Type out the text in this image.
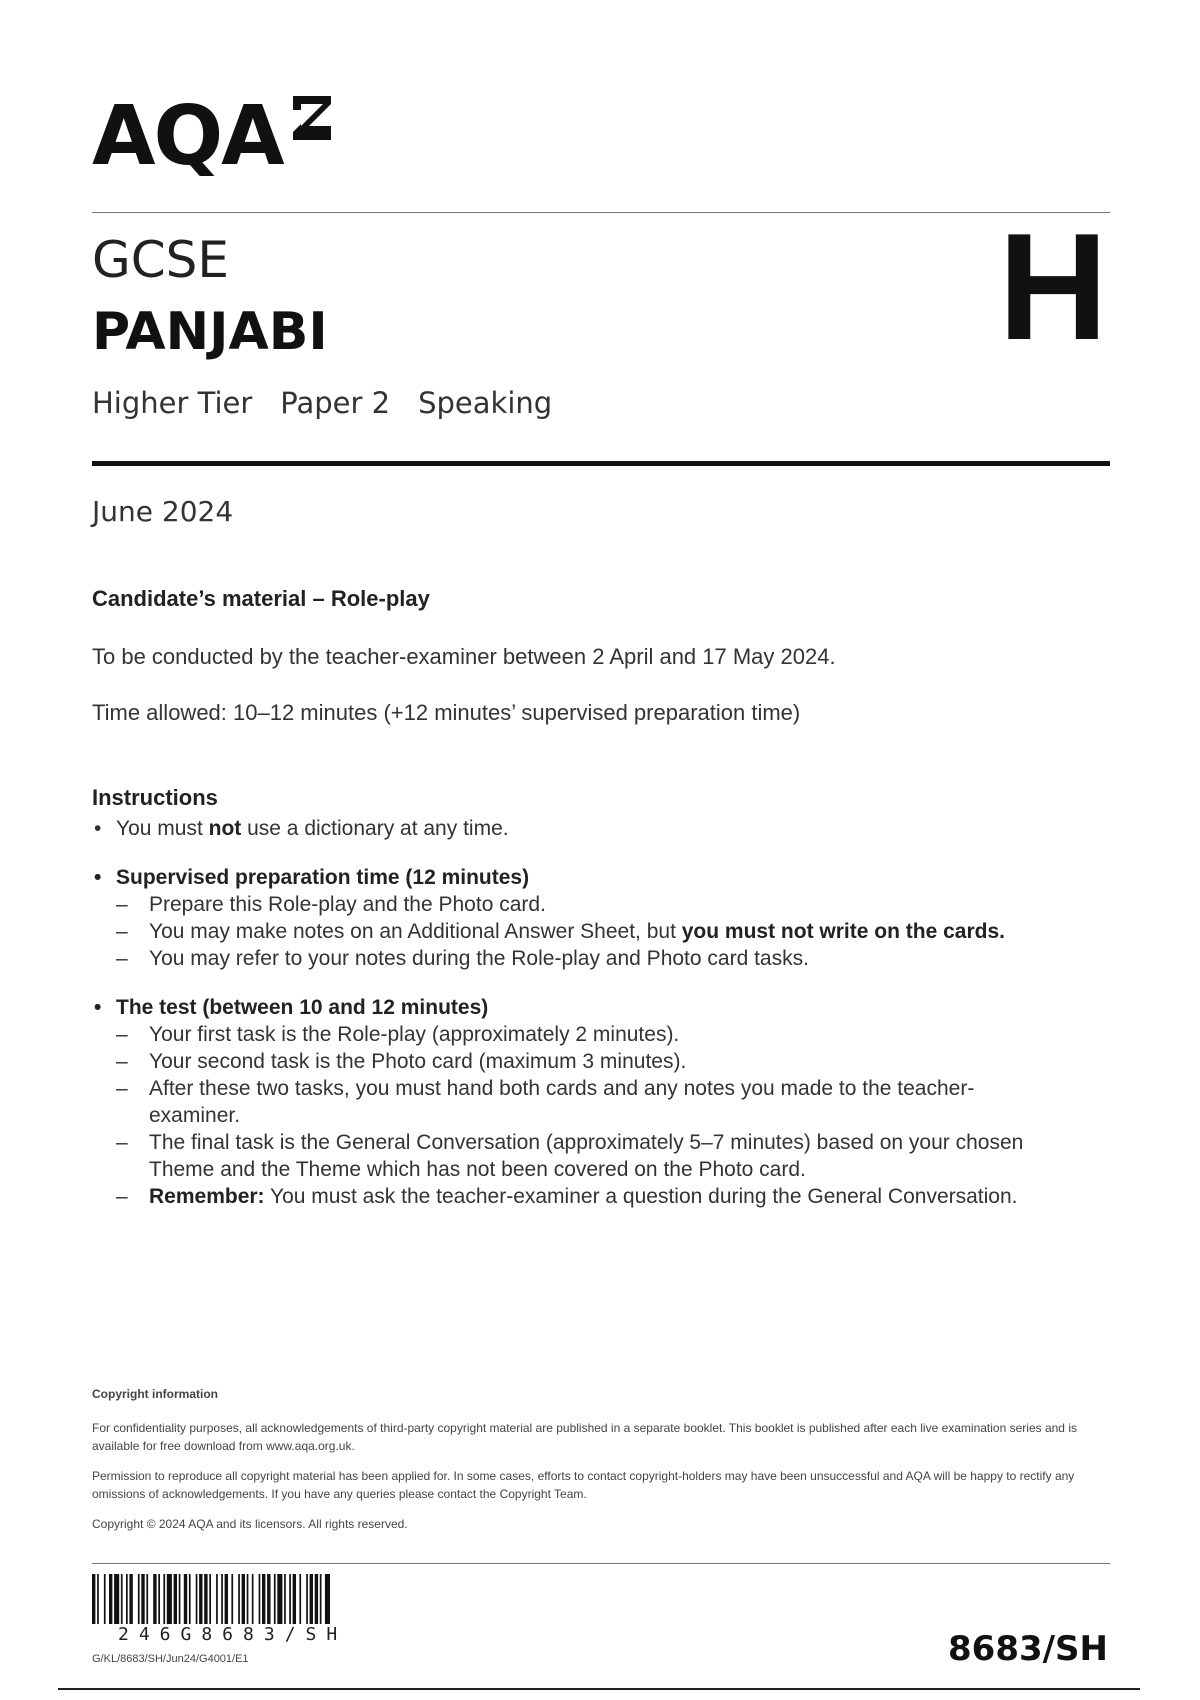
AQA
GCSE
PANJABI	H
Higher Tier Paper 2 Speaking
June 2024
Candidate’s material – Role-play
To be conducted by the teacher-examiner between 2 April and 17 May 2024.
Time allowed: 10–12 minutes (+12 minutes’ supervised preparation time)
Instructions
• You must not use a dictionary at any time.
• Supervised preparation time (12 minutes)
– Prepare this Role-play and the Photo card.
– You may make notes on an Additional Answer Sheet, but you must not write on the cards.
– You may refer to your notes during the Role-play and Photo card tasks.
• The test (between 10 and 12 minutes)
– Your first task is the Role-play (approximately 2 minutes).
– Your second task is the Photo card (maximum 3 minutes).
– After these two tasks, you must hand both cards and any notes you made to the teacher-examiner.
– The final task is the General Conversation (approximately 5–7 minutes) based on your chosen Theme and the Theme which has not been covered on the Photo card.
– Remember: You must ask the teacher-examiner a question during the General Conversation.
Copyright information

For confidentiality purposes, all acknowledgements of third-party copyright material are published in a separate booklet. This booklet is published after each live examination series and is available for free download from www.aqa.org.uk.

Permission to reproduce all copyright material has been applied for. In some cases, efforts to contact copyright-holders may have been unsuccessful and AQA will be happy to rectify any omissions of acknowledgements. If you have any queries please contact the Copyright Team.

Copyright © 2024 AQA and its licensors. All rights reserved.

246G8683/SH
G/KL/8683/SH/Jun24/G4001/E1	8683/SH
